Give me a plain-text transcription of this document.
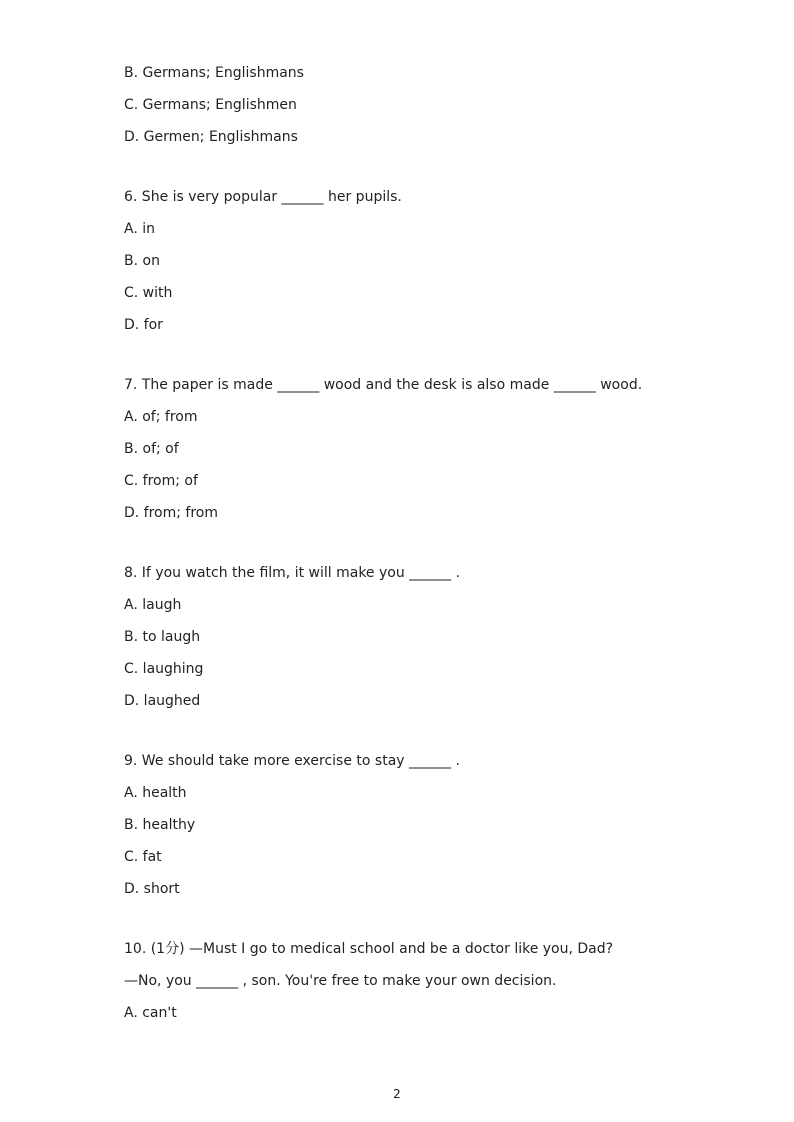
B. Germans; Englishmans
C. Germans; Englishmen
D. Germen; Englishmans
6. She is very popular ______ her pupils.
A. in
B. on
C. with
D. for
7. The paper is made ______ wood and the desk is also made ______ wood.
A. of; from
B. of; of
C. from; of
D. from; from
8. If you watch the film, it will make you ______ .
A. laugh
B. to laugh
C. laughing
D. laughed
9. We should take more exercise to stay ______ .
A. health
B. healthy
C. fat
D. short
10. (1分) —Must I go to medical school and be a doctor like you, Dad?
—No, you ______ , son. You're free to make your own decision.
A. can't
2
